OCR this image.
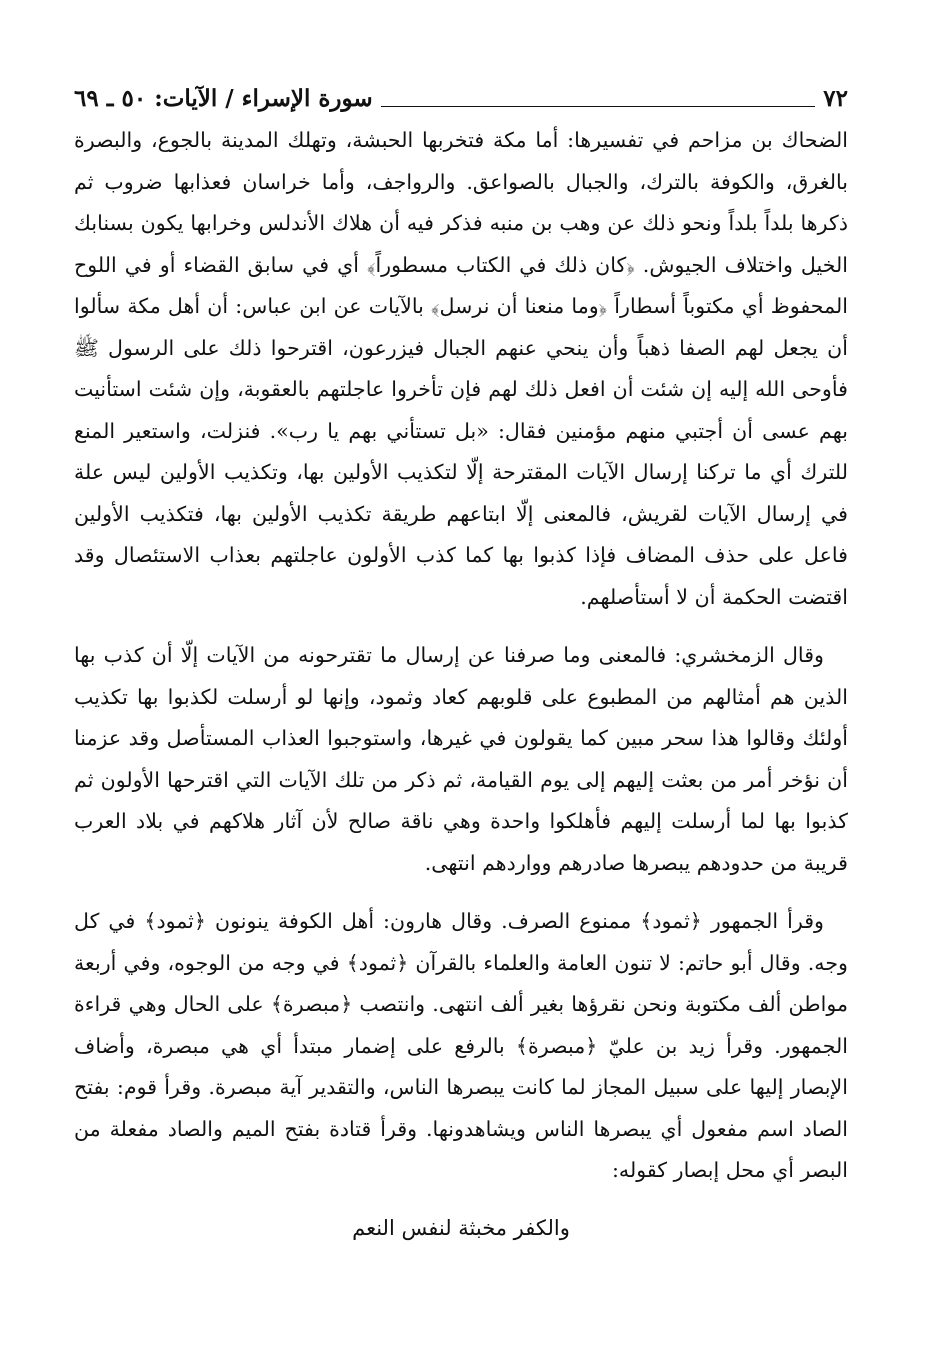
٧٢
سورة الإسراء / الآيات: ٥٠ ـ ٦٩

الضحاك بن مزاحم في تفسيرها: أما مكة فتخربها الحبشة، وتهلك المدينة بالجوع، والبصرة بالغرق، والكوفة بالترك، والجبال بالصواعق. والرواجف، وأما خراسان فعذابها ضروب ثم ذكرها بلداً بلداً ونحو ذلك عن وهب بن منبه فذكر فيه أن هلاك الأندلس وخرابها يكون بسنابك الخيل واختلاف الجيوش. ﴿كان ذلك في الكتاب مسطوراً﴾ أي في سابق القضاء أو في اللوح المحفوظ أي مكتوباً أسطاراً ﴿وما منعنا أن نرسل﴾ بالآيات عن ابن عباس: أن أهل مكة سألوا أن يجعل لهم الصفا ذهباً وأن ينحي عنهم الجبال فيزرعون، اقترحوا ذلك على الرسول ﷺ فأوحى الله إليه إن شئت أن افعل ذلك لهم فإن تأخروا عاجلتهم بالعقوبة، وإن شئت استأنيت بهم عسى أن أجتبي منهم مؤمنين فقال: «بل تستأني بهم يا رب». فنزلت، واستعير المنع للترك أي ما تركنا إرسال الآيات المقترحة إلّا لتكذيب الأولين بها، وتكذيب الأولين ليس علة في إرسال الآيات لقريش، فالمعنى إلّا ابتاعهم طريقة تكذيب الأولين بها، فتكذيب الأولين فاعل على حذف المضاف فإذا كذبوا بها كما كذب الأولون عاجلتهم بعذاب الاستئصال وقد اقتضت الحكمة أن لا أستأصلهم.

وقال الزمخشري: فالمعنى وما صرفنا عن إرسال ما تقترحونه من الآيات إلّا أن كذب بها الذين هم أمثالهم من المطبوع على قلوبهم كعاد وثمود، وإنها لو أرسلت لكذبوا بها تكذيب أولئك وقالوا هذا سحر مبين كما يقولون في غيرها، واستوجبوا العذاب المستأصل وقد عزمنا أن نؤخر أمر من بعثت إليهم إلى يوم القيامة، ثم ذكر من تلك الآيات التي اقترحها الأولون ثم كذبوا بها لما أرسلت إليهم فأهلكوا واحدة وهي ناقة صالح لأن آثار هلاكهم في بلاد العرب قريبة من حدودهم يبصرها صادرهم وواردهم انتهى.

وقرأ الجمهور ﴿ثمود﴾ ممنوع الصرف. وقال هارون: أهل الكوفة ينونون ﴿ثمود﴾ في كل وجه. وقال أبو حاتم: لا تنون العامة والعلماء بالقرآن ﴿ثمود﴾ في وجه من الوجوه، وفي أربعة مواطن ألف مكتوبة ونحن نقرؤها بغير ألف انتهى. وانتصب ﴿مبصرة﴾ على الحال وهي قراءة الجمهور. وقرأ زيد بن عليّ ﴿مبصرة﴾ بالرفع على إضمار مبتدأ أي هي مبصرة، وأضاف الإبصار إليها على سبيل المجاز لما كانت يبصرها الناس، والتقدير آية مبصرة. وقرأ قوم: بفتح الصاد اسم مفعول أي يبصرها الناس ويشاهدونها. وقرأ قتادة بفتح الميم والصاد مفعلة من البصر أي محل إبصار كقوله:

والكفر مخبثة لنفس النعم
